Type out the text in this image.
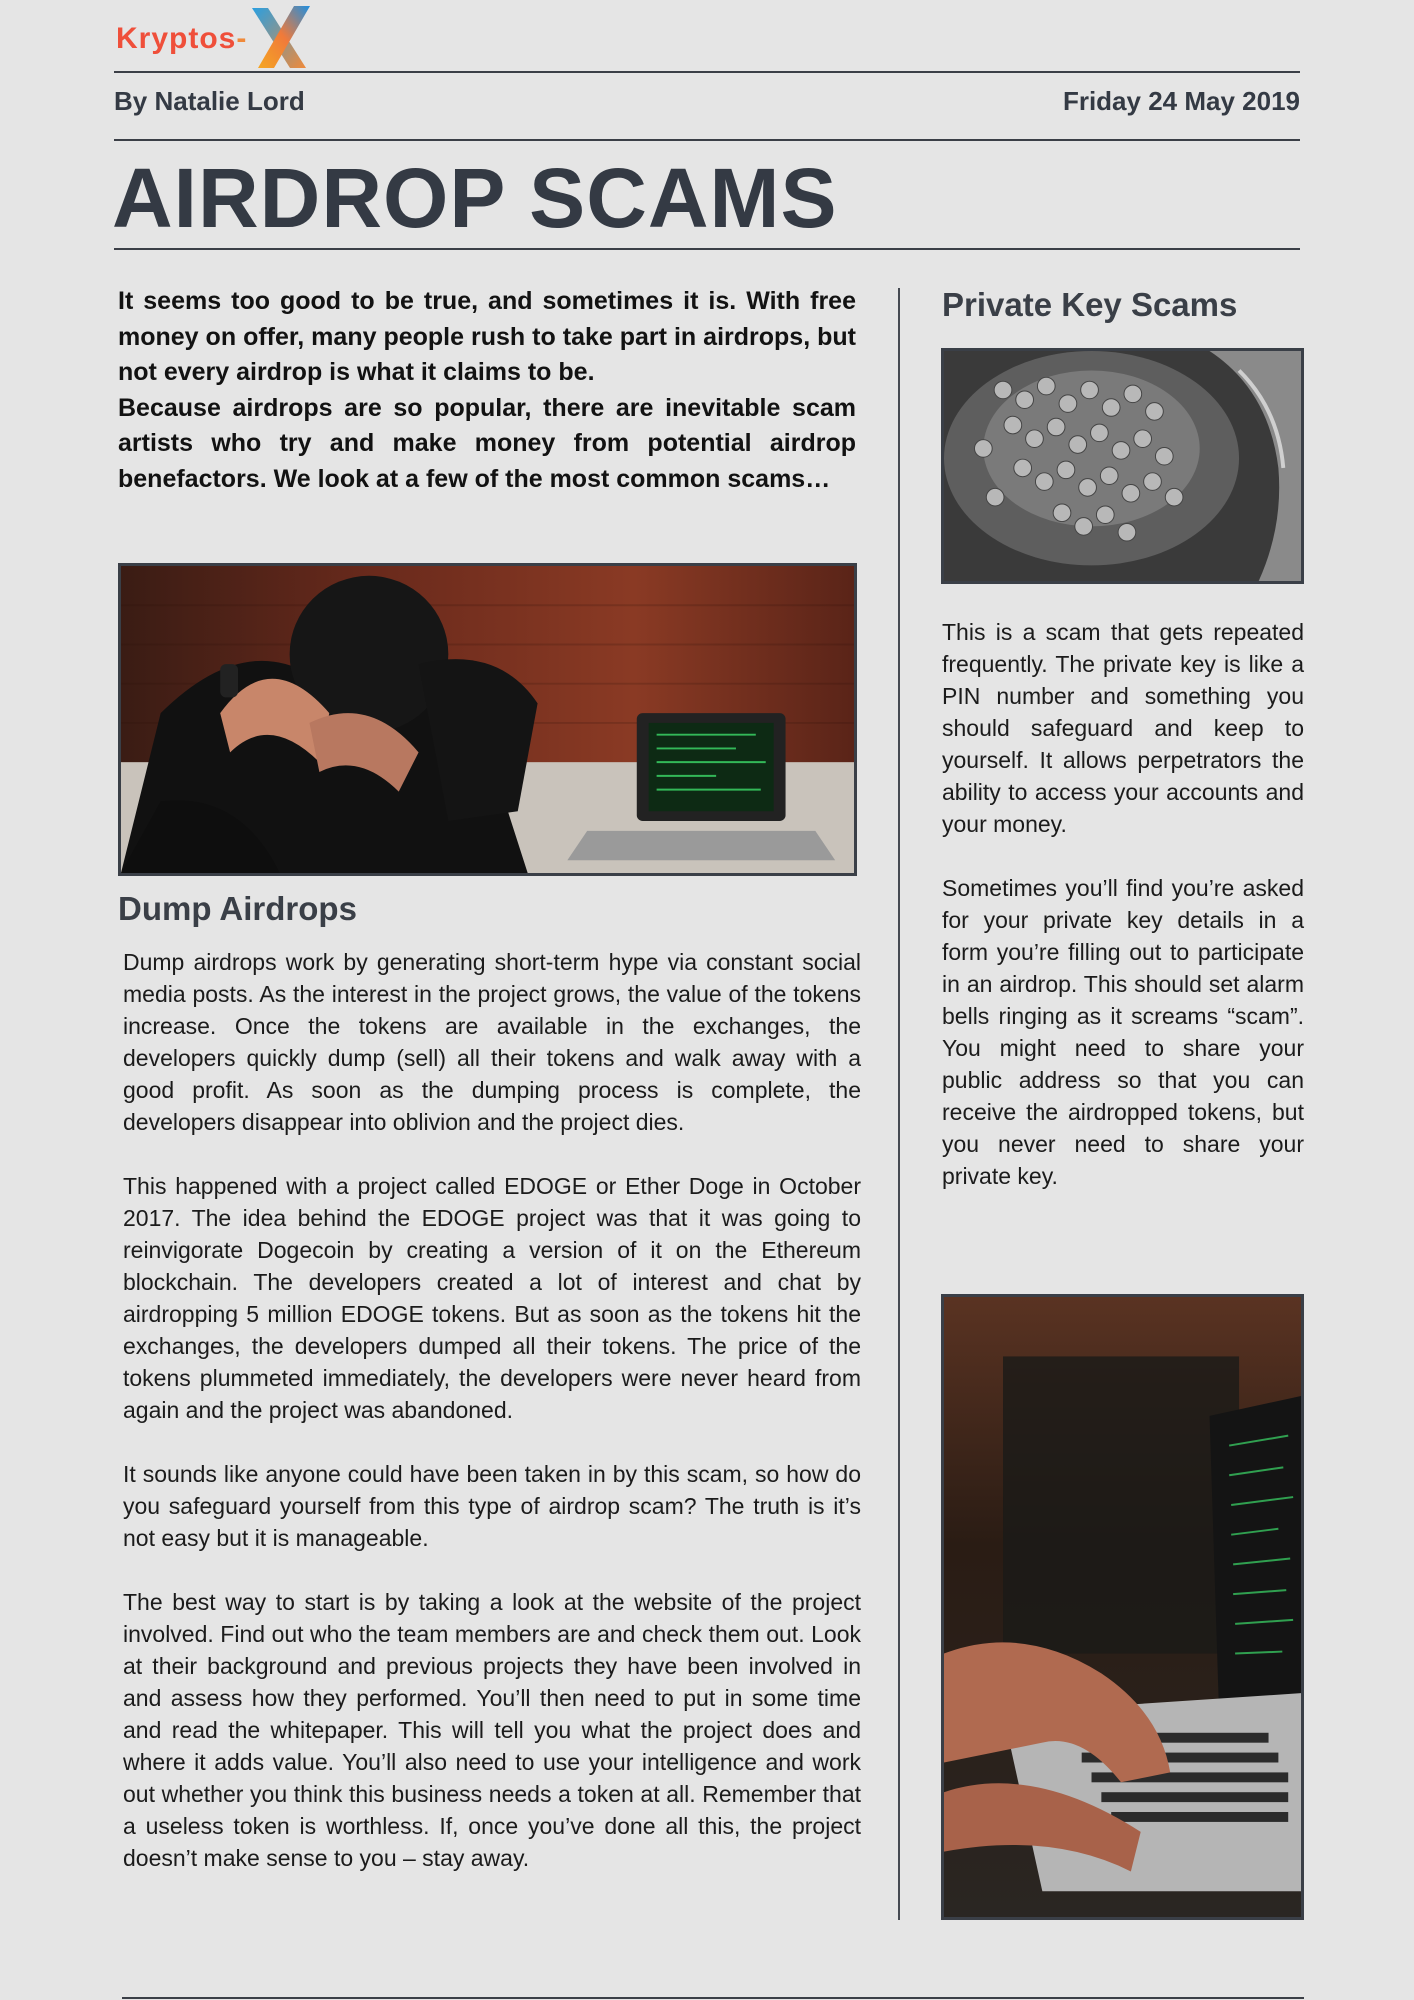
Kryptos-
By Natalie Lord	Friday 24 May 2019
AIRDROP SCAMS

It seems too good to be true, and sometimes it is. With free money on offer, many people rush to take part in airdrops, but not every airdrop is what it claims to be.

Because airdrops are so popular, there are inevitable scam artists who try and make money from potential airdrop benefactors. We look at a few of the most common scams…

Dump Airdrops

Dump airdrops work by generating short-term hype via constant social media posts. As the interest in the project grows, the value of the tokens increase. Once the tokens are available in the exchanges, the developers quickly dump (sell) all their tokens and walk away with a good profit. As soon as the dumping process is complete, the developers disappear into oblivion and the project dies.

This happened with a project called EDOGE or Ether Doge in October 2017. The idea behind the EDOGE project was that it was going to reinvigorate Dogecoin by creating a version of it on the Ethereum blockchain. The developers created a lot of interest and chat by airdropping 5 million EDOGE tokens. But as soon as the tokens hit the exchanges, the developers dumped all their tokens. The price of the tokens plummeted immediately, the developers were never heard from again and the project was abandoned.

It sounds like anyone could have been taken in by this scam, so how do you safeguard yourself from this type of airdrop scam? The truth is it’s not easy but it is manageable.

The best way to start is by taking a look at the website of the project involved. Find out who the team members are and check them out. Look at their background and previous projects they have been involved in and assess how they performed. You’ll then need to put in some time and read the whitepaper. This will tell you what the project does and where it adds value. You’ll also need to use your intelligence and work out whether you think this business needs a token at all. Remember that a useless token is worthless. If, once you’ve done all this, the project doesn’t make sense to you – stay away.

Private Key Scams

This is a scam that gets repeated frequently. The private key is like a PIN number and something you should safeguard and keep to yourself. It allows perpetrators the ability to access your accounts and your money.

Sometimes you’ll find you’re asked for your private key details in a form you’re filling out to participate in an airdrop. This should set alarm bells ringing as it screams “scam”. You might need to share your public address so that you can receive the airdropped tokens, but you never need to share your private key.
